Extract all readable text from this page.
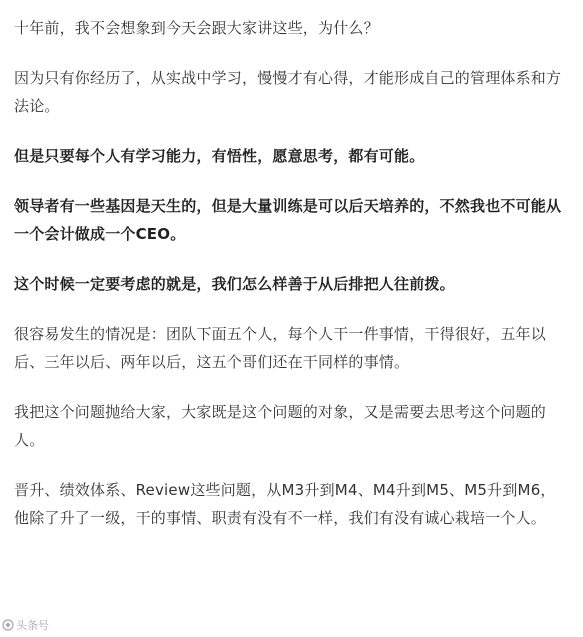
十年前，我不会想象到今天会跟大家讲这些，为什么？

因为只有你经历了，从实战中学习，慢慢才有心得，才能形成自己的管理体系和方法论。

但是只要每个人有学习能力，有悟性，愿意思考，都有可能。

领导者有一些基因是天生的，但是大量训练是可以后天培养的，不然我也不可能从一个会计做成一个CEO。

这个时候一定要考虑的就是，我们怎么样善于从后排把人往前拨。

很容易发生的情况是：团队下面五个人，每个人干一件事情，干得很好，五年以后、三年以后、两年以后，这五个哥们还在干同样的事情。

我把这个问题抛给大家，大家既是这个问题的对象，又是需要去思考这个问题的人。

晋升、绩效体系、Review这些问题，从M3升到M4、M4升到M5、M5升到M6，他除了升了一级，干的事情、职责有没有不一样，我们有没有诚心栽培一个人。

头条号
